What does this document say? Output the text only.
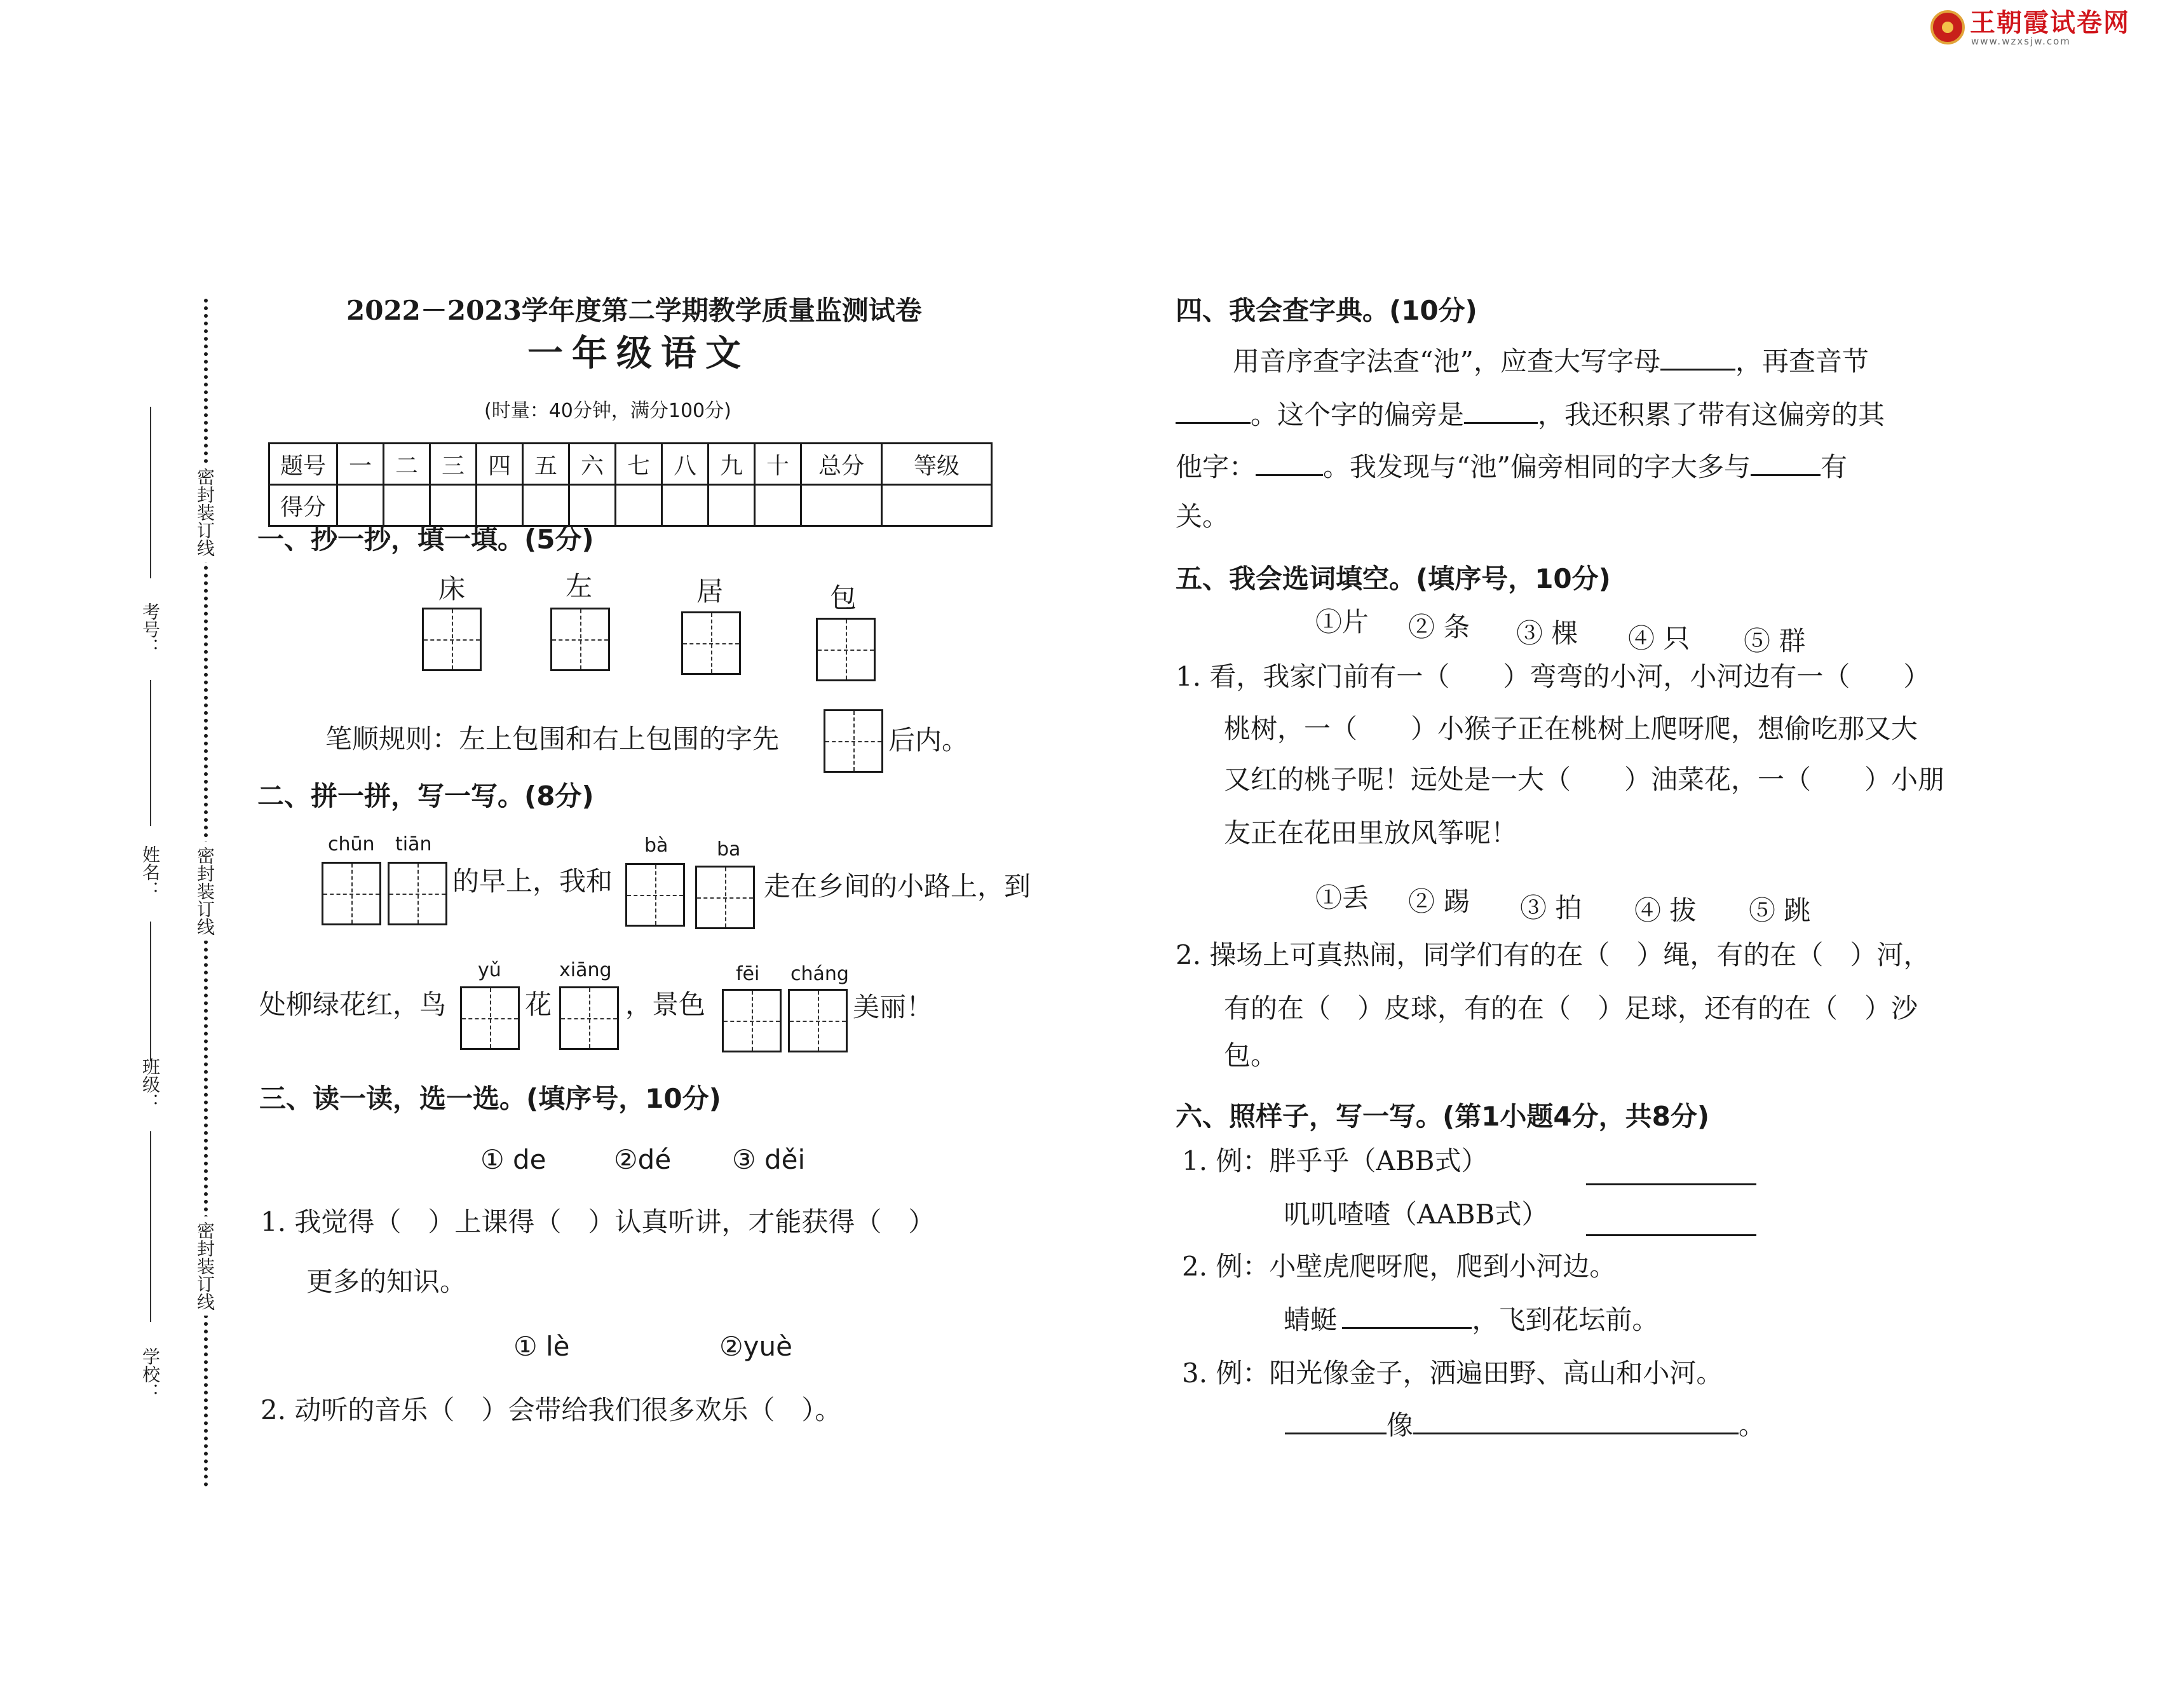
王朝霞试卷网
www.wzxsjw.com
密封装订线
密封装订线
密封装订线
考号：
姓名：
班级：
学校：
2022－2023学年度第二学期教学质量监测试卷
一年级语文
(时量：40分钟，满分100分)
题号	一	二	三	四	五	六	七	八	九	十	总分	等级
得分												
一、抄一抄，填一填。(5分)
床	左	居	包
笔顺规则：左上包围和右上包围的字先	后内。
二、拼一拼，写一写。(8分)
chūn tiān	bà	ba
的早上，我和	走在乡间的小路上，到
yǔ	xiāng	fēi cháng
处柳绿花红，鸟	花	，景色	美丽！
三、读一读，选一选。(填序号，10分)
① de	②dé ③ děi
1. 我觉得（　）上课得（　）认真听讲，才能获得（　）
更多的知识。
① lè	②yuè
2. 动听的音乐（　）会带给我们很多欢乐（　）。
四、我会查字典。(10分)
用音序查字法查“池”，应查大写字母	，再查音节
。这个字的偏旁是	，我还积累了带有这偏旁的其
他字：	。我发现与“池”偏旁相同的字大多与	有
关。
五、我会选词填空。(填序号，10分)
①片 ② 条 ③ 棵 ④ 只 ⑤ 群
1. 看，我家门前有一（　　）弯弯的小河，小河边有一（　　）
桃树，一（　　）小猴子正在桃树上爬呀爬，想偷吃那又大
又红的桃子呢！远处是一大（　　）油菜花，一（　　）小朋
友正在花田里放风筝呢！
①丢 ② 踢 ③ 拍 ④ 拔 ⑤ 跳
2. 操场上可真热闹，同学们有的在（　）绳，有的在（　）河，
有的在（　）皮球，有的在（　）足球，还有的在（　）沙
包。
六、照样子，写一写。(第1小题4分，共8分)
1. 例：胖乎乎（ABB式）
叽叽喳喳（AABB式）
2. 例：小壁虎爬呀爬，爬到小河边。
蜻蜓 	，飞到花坛前。
3. 例：阳光像金子，洒遍田野、高山和小河。
像	。
